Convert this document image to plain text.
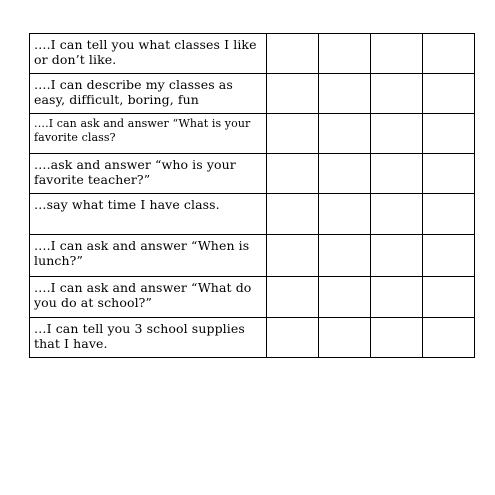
….I can tell you what classes I like or don’t like.				
….I can describe my classes as easy, difficult, boring, fun				
….I can ask and answer “What is your favorite class?				
….ask and answer “who is your favorite teacher?”				
…say what time I have class.				
….I can ask and answer “When is lunch?”				
….I can ask and answer “What do you do at school?”				
…I can tell you 3 school supplies that I have.				
